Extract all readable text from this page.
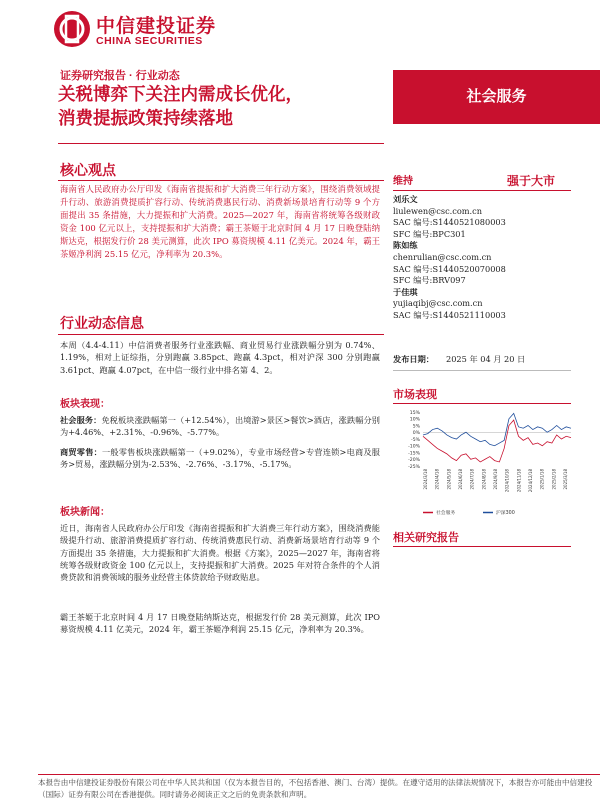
中信建投证券
CHINA SECURITIES
证券研究报告 · 行业动态
关税博弈下关注内需成长优化，
消费提振政策持续落地
社会服务
核心观点
海南省人民政府办公厅印发《海南省提振和扩大消费三年行动方案》，围绕消费领域提升行动、旅游消费提质扩容行动、传统消费惠民行动、消费新场景培育行动等 9 个方面提出 35 条措施，大力提振和扩大消费。2025—2027 年，海南省将统筹各级财政资金 100 亿元以上，支持提振和扩大消费；霸王茶姬于北京时间 4 月 17 日晚登陆纳斯达克，根据发行价 28 美元测算，此次 IPO 募资规模 4.11 亿美元。2024 年，霸王茶姬净利润 25.15 亿元，净利率为 20.3%。
行业动态信息
本周（4.4-4.11）中信消费者服务行业涨跌幅、商业贸易行业涨跌幅分别为 0.74%、1.19%，相对上证综指，分别跑赢 3.85pct、跑赢 4.3pct，相对沪深 300 分别跑赢 3.61pct、跑赢 4.07pct，在中信一级行业中排名第 4、2。
板块表现：
社会服务：免税板块涨跌幅第一（+12.54%），出境游>景区>餐饮>酒店，涨跌幅分别为+4.46%、+2.31%、-0.96%、-5.77%。
商贸零售：一般零售板块涨跌幅第一（+9.02%），专业市场经营>专营连锁>电商及服务>贸易，涨跌幅分别为-2.53%、-2.76%、-3.17%、-5.17%。
板块新闻：
近日，海南省人民政府办公厅印发《海南省提振和扩大消费三年行动方案》，围绕消费能级提升行动、旅游消费提质扩容行动、传统消费惠民行动、消费新场景培育行动等 9 个方面提出 35 条措施，大力提振和扩大消费。根据《方案》，2025—2027 年，海南省将统筹各级财政资金 100 亿元以上，支持提振和扩大消费。2025 年对符合条件的个人消费贷款和消费领域的服务业经营主体贷款给予财政贴息。
霸王茶姬于北京时间 4 月 17 日晚登陆纳斯达克，根据发行价 28 美元测算，此次 IPO 募资规模 4.11 亿美元，2024 年，霸王茶姬净利润 25.15 亿元，净利率为 20.3%。
维持	强于大市
刘乐文
liulewen@csc.com.cn
SAC 编号:S1440521080003
SFC 编号:BPC301
陈如练
chenrulian@csc.com.cn
SAC 编号:S1440520070008
SFC 编号:BRV097
于佳琪
yujiaqibj@csc.com.cn
SAC 编号:S1440521110003
发布日期： 2025 年 04 月 20 日
市场表现
15%
10%
5%
0%
-5%
-10%
-15%
-20%
-25%
2024/3/18 2024/4/18 2024/5/18 2024/6/18 2024/7/18 2024/8/18 2024/9/18 2024/10/18 2024/11/18 2024/12/18 2025/1/18 2025/2/18 2025/3/18
社会服务	沪深300
相关研究报告
本报告由中信建投证券股份有限公司在中华人民共和国（仅为本报告目的，不包括香港、澳门、台湾）提供。在遵守适用的法律法规情况下，本报告亦可能由中信建投（国际）证券有限公司在香港提供。同时请务必阅读正文之后的免责条款和声明。
